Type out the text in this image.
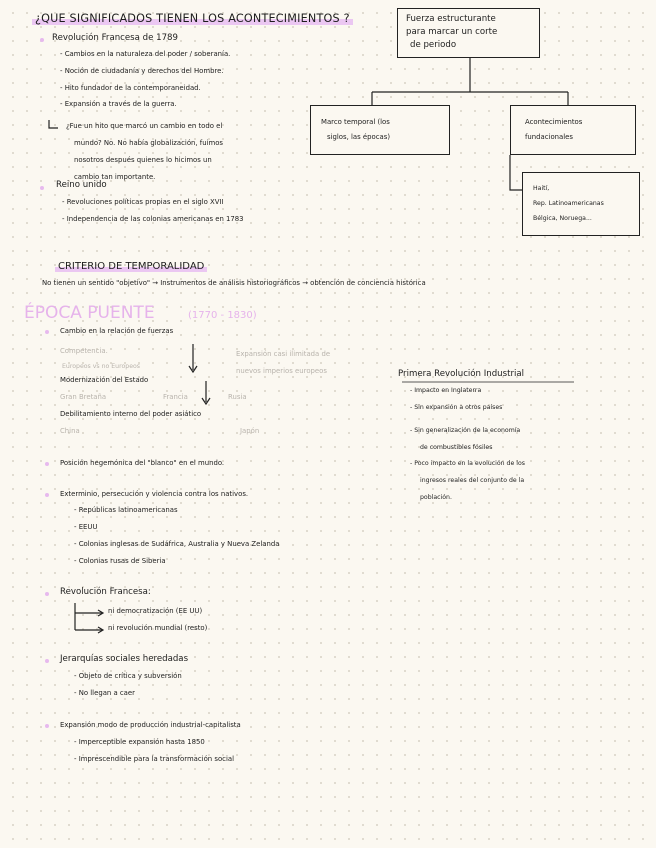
¿QUE SIGNIFICADOS TIENEN LOS ACONTECIMIENTOS ?
Revolución Francesa de 1789
- Cambios en la naturaleza del poder / soberanía.
- Noción de ciudadanía y derechos del Hombre.
- Hito fundador de la contemporaneidad.
- Expansión a través de la guerra.
¿Fue un hito que marcó un cambio en todo el
mundo? No. No había globalización, fuimos
nosotros después quienes lo hicimos un
cambio tan importante.
Reino unido
- Revoluciones políticas propias en el siglo XVII
- Independencia de las colonias americanas en 1783
Fuerza estructurante
para marcar un corte
de periodo
Marco temporal (los
siglos, las épocas)
Acontecimientos
fundacionales
Haití,
Rep. Latinoamericanas
Bélgica, Noruega...
CRITERIO DE TEMPORALIDAD
No tienen un sentido "objetivo" → Instrumentos de análisis historiográficos → obtención de conciencia histórica
ÉPOCA PUENTE	(1770 - 1830)
Cambio en la relación de fuerzas
Competencia.
Europeos vs no Europeos
Expansión casi ilimitada de
nuevos imperios europeos
Modernización del Estado
Gran Bretaña	Francia	Rusia
Debilitamiento interno del poder asiático
China	Japón
Posición hegemónica del "blanco" en el mundo.
Exterminio, persecución y violencia contra los nativos.
- Repúblicas latinoamericanas
- EEUU
- Colonias inglesas de Sudáfrica, Australia y Nueva Zelanda
- Colonias rusas de Siberia
Revolución Francesa:
ni democratización (EE UU)
ni revolución mundial (resto)
Jerarquías sociales heredadas
- Objeto de crítica y subversión
- No llegan a caer
Expansión modo de producción industrial-capitalista
- Imperceptible expansión hasta 1850
- Imprescendible para la transformación social
Primera Revolución Industrial
- Impacto en Inglaterra
- Sin expansión a otros países
- Sin generalización de la economía
de combustibles fósiles
- Poco impacto en la evolución de los
ingresos reales del conjunto de la
población.
